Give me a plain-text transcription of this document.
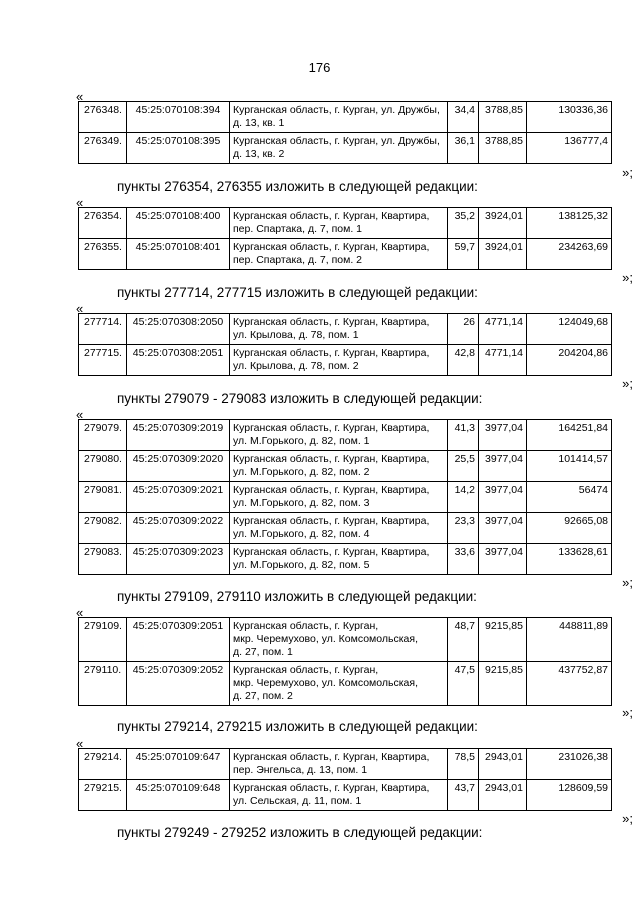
176
«
276348.	45:25:070108:394	Курганская область, г. Курган, ул. Дружбы,
д. 13, кв. 1	34,4	3788,85	130336,36
276349.	45:25:070108:395	Курганская область, г. Курган, ул. Дружбы,
д. 13, кв. 2	36,1	3788,85	136777,4
»;
пункты 276354, 276355 изложить в следующей редакции:
«
276354.	45:25:070108:400	Курганская область, г. Курган, Квартира,
пер. Спартака, д. 7, пом. 1	35,2	3924,01	138125,32
276355.	45:25:070108:401	Курганская область, г. Курган, Квартира,
пер. Спартака, д. 7, пом. 2	59,7	3924,01	234263,69
»;
пункты 277714, 277715 изложить в следующей редакции:
«
277714.	45:25:070308:2050	Курганская область, г. Курган, Квартира,
ул. Крылова, д. 78, пом. 1	26	4771,14	124049,68
277715.	45:25:070308:2051	Курганская область, г. Курган, Квартира,
ул. Крылова, д. 78, пом. 2	42,8	4771,14	204204,86
»;
пункты 279079 - 279083 изложить в следующей редакции:
«
279079.	45:25:070309:2019	Курганская область, г. Курган, Квартира,
ул. М.Горького, д. 82, пом. 1	41,3	3977,04	164251,84
279080.	45:25:070309:2020	Курганская область, г. Курган, Квартира,
ул. М.Горького, д. 82, пом. 2	25,5	3977,04	101414,57
279081.	45:25:070309:2021	Курганская область, г. Курган, Квартира,
ул. М.Горького, д. 82, пом. 3	14,2	3977,04	56474
279082.	45:25:070309:2022	Курганская область, г. Курган, Квартира,
ул. М.Горького, д. 82, пом. 4	23,3	3977,04	92665,08
279083.	45:25:070309:2023	Курганская область, г. Курган, Квартира,
ул. М.Горького, д. 82, пом. 5	33,6	3977,04	133628,61
»;
пункты 279109, 279110 изложить в следующей редакции:
«
279109.	45:25:070309:2051	Курганская область, г. Курган,
мкр. Черемухово, ул. Комсомольская,
д. 27, пом. 1	48,7	9215,85	448811,89
279110.	45:25:070309:2052	Курганская область, г. Курган,
мкр. Черемухово, ул. Комсомольская,
д. 27, пом. 2	47,5	9215,85	437752,87
»;
пункты 279214, 279215 изложить в следующей редакции:
«
279214.	45:25:070109:647	Курганская область, г. Курган, Квартира,
пер. Энгельса, д. 13, пом. 1	78,5	2943,01	231026,38
279215.	45:25:070109:648	Курганская область, г. Курган, Квартира,
ул. Сельская, д. 11, пом. 1	43,7	2943,01	128609,59
»;
пункты 279249 - 279252 изложить в следующей редакции:
